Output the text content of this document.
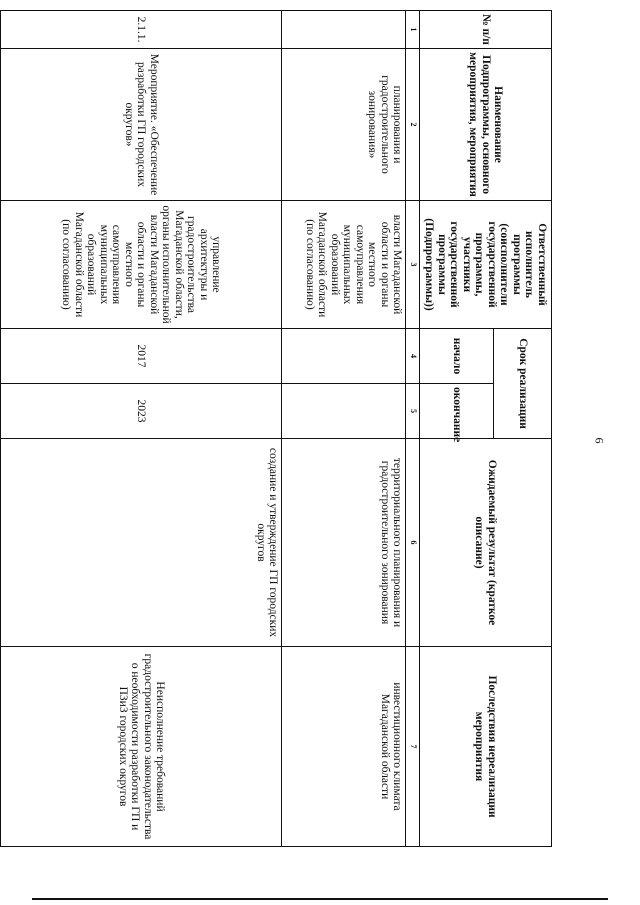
6
№ п/п	Наименование Подпрограммы, основного мероприятия, мероприятия	Ответственный исполнитель программы (соисполнители государственной программы, участники государственной программы (Подпрограммы))	Срок реализации		Ожидаемый результат (краткое описание)	Последствия нереализации мероприятия
			начало	окончание		
1	2	3	4	5	6	7
	планирования и градостроительного зонирования»	власти Магаданской области и органы местного самоуправления муниципальных образований Магаданской области (по согласованию)			территориального планирования и градостроительного зонирования	инвестиционного климата Магаданской области
2.1.1.	Мероприятие. «Обеспечение разработки ГП городских округов»	управление архитектуры и градостроительства Магаданской области, органы исполнительной власти Магаданской области и органы местного самоуправления муниципальных образований Магаданской области (по согласованию)	2017	2023	создание и утверждение ГП городских округов	Неисполнение требований градостроительного законодательства о необходимости разработки ГП и ПЗиЗ городских округов
